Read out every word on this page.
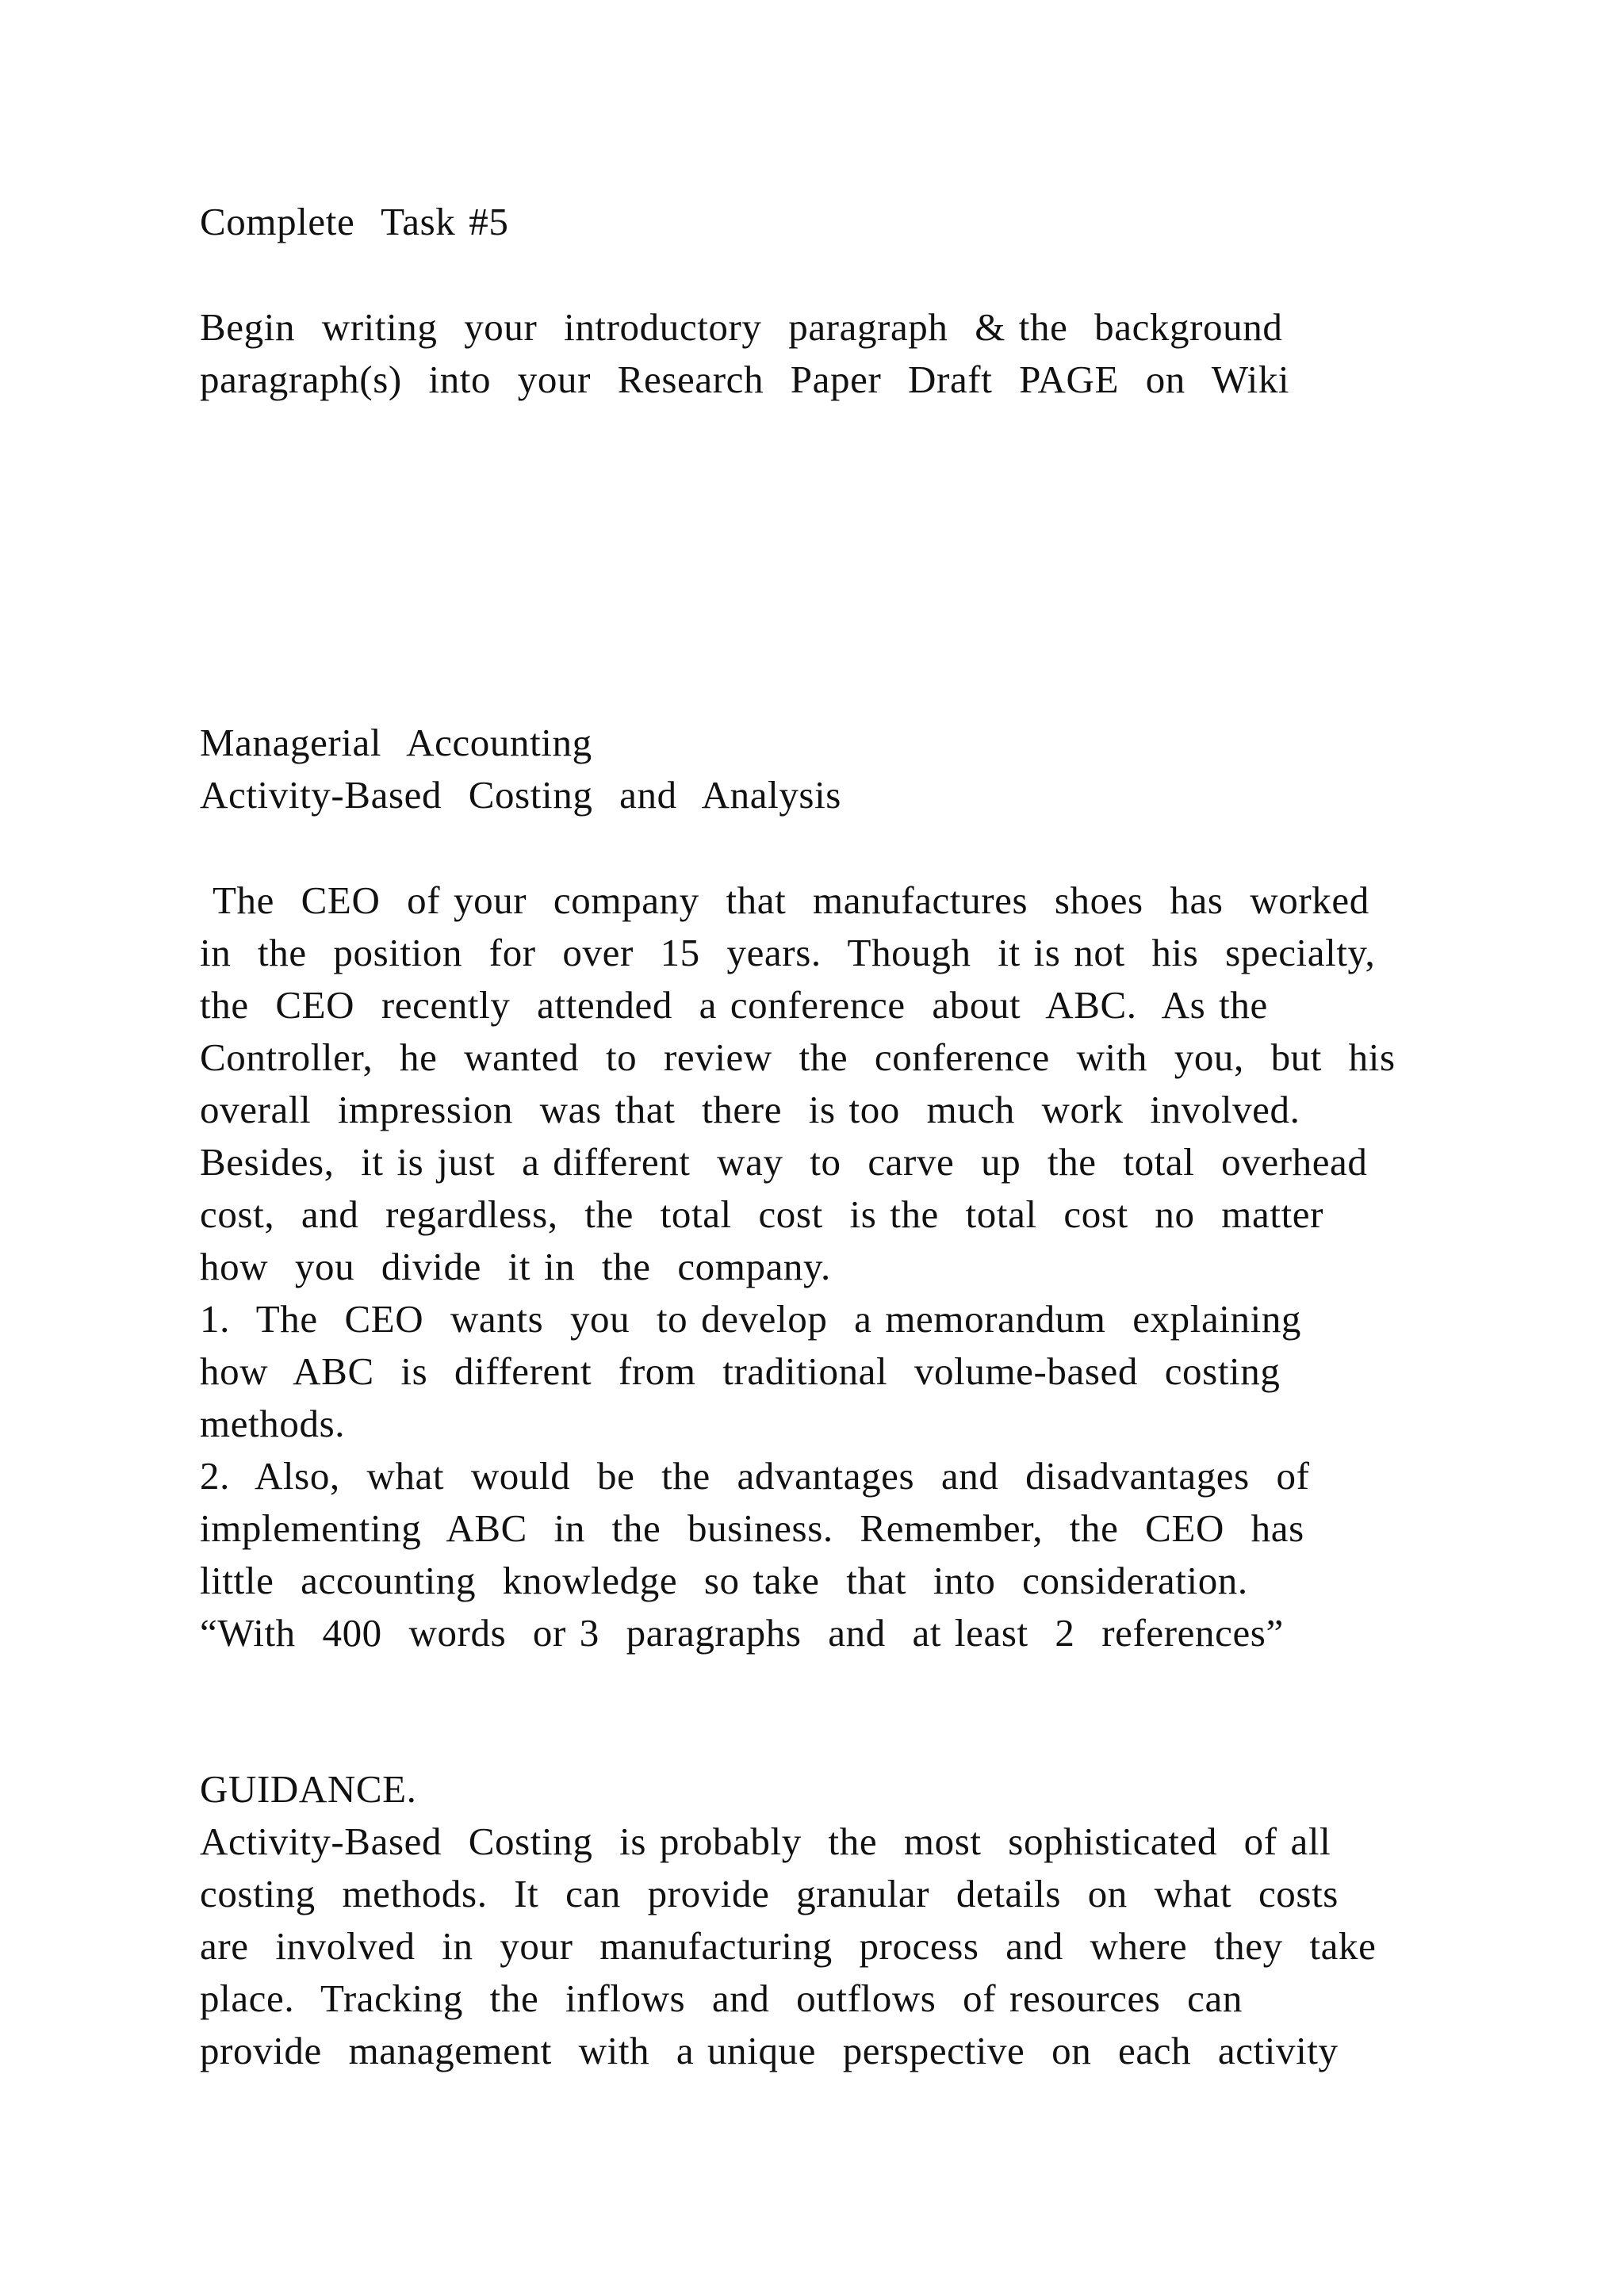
Complete  Task #5
Begin  writing  your  introductory  paragraph  & the  background
paragraph(s)  into  your  Research  Paper  Draft  PAGE  on  Wiki
Managerial  Accounting
Activity-Based  Costing  and  Analysis
The  CEO  of your  company  that  manufactures  shoes  has  worked
in  the  position  for  over  15  years.  Though  it is not  his  specialty,
the  CEO  recently  attended  a conference  about  ABC.  As the
Controller,  he  wanted  to  review  the  conference  with  you,  but  his
overall  impression  was that  there  is too  much  work  involved.
Besides,  it is just  a different  way  to  carve  up  the  total  overhead
cost,  and  regardless,  the  total  cost  is the  total  cost  no  matter
how  you  divide  it in  the  company.
1.  The  CEO  wants  you  to develop  a memorandum  explaining
how  ABC  is  different  from  traditional  volume-based  costing
methods.
2.  Also,  what  would  be  the  advantages  and  disadvantages  of
implementing  ABC  in  the  business.  Remember,  the  CEO  has
little  accounting  knowledge  so take  that  into  consideration.
“With  400  words  or 3  paragraphs  and  at least  2  references”
GUIDANCE.
Activity-Based  Costing  is probably  the  most  sophisticated  of all
costing  methods.  It  can  provide  granular  details  on  what  costs
are  involved  in  your  manufacturing  process  and  where  they  take
place.  Tracking  the  inflows  and  outflows  of resources  can
provide  management  with  a unique  perspective  on  each  activity
